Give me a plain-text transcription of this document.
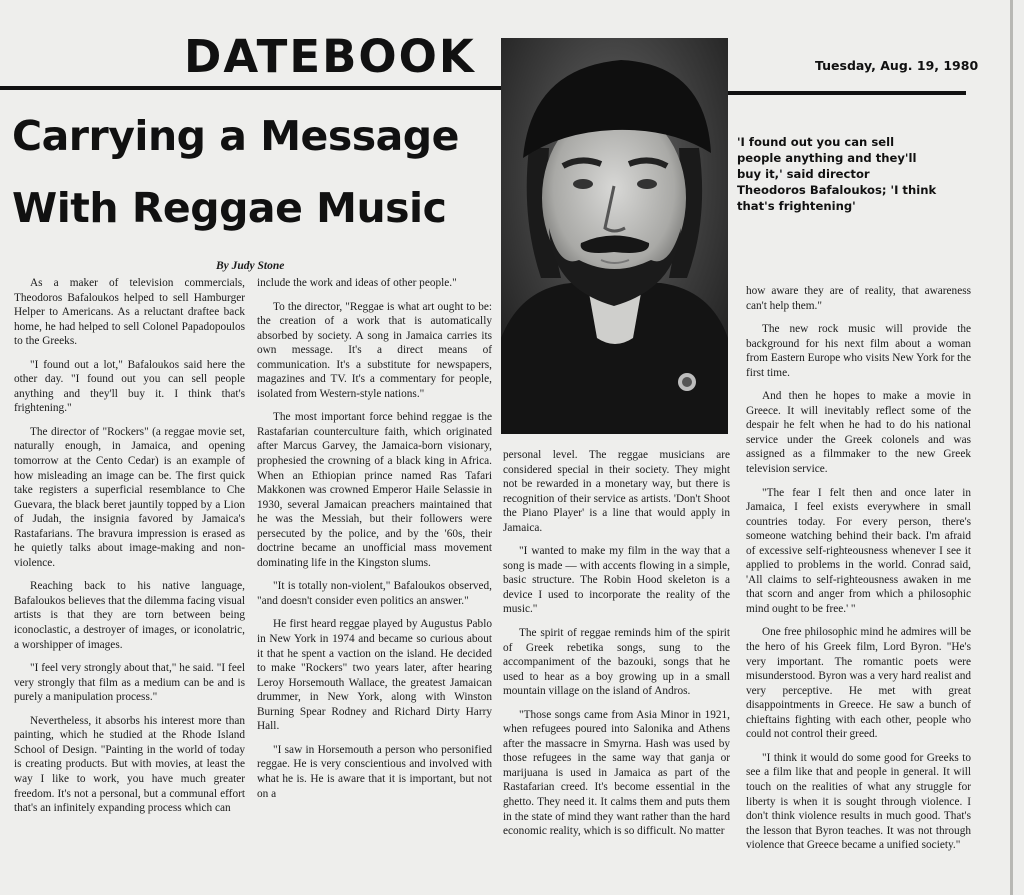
DATEBOOK	Tuesday, Aug. 19, 1980
Carrying a Message
With Reggae Music
'I found out you can sell people anything and they'll buy it,' said director Theodoros Bafaloukos; 'I think that's frightening'
By Judy Stone

As a maker of television commercials, Theodoros Bafaloukos helped to sell Hamburger Helper to Americans. As a reluctant draftee back home, he had helped to sell Colonel Papadopoulos to the Greeks.

"I found out a lot," Bafaloukos said here the other day. "I found out you can sell people anything and they'll buy it. I think that's frightening."

The director of "Rockers" (a reggae movie set, naturally enough, in Jamaica, and opening tomorrow at the Cento Cedar) is an example of how misleading an image can be. The first quick take registers a superficial resemblance to Che Guevara, the black beret jauntily topped by a Lion of Judah, the insignia favored by Jamaica's Rastafarians. The bravura impression is erased as he quietly talks about image-making and non-violence.

Reaching back to his native language, Bafaloukos believes that the dilemma facing visual artists is that they are torn between being iconoclastic, a destroyer of images, or iconolatric, a worshipper of images.

"I feel very strongly about that," he said. "I feel very strongly that film as a medium can be and is purely a manipulation process."

Nevertheless, it absorbs his interest more than painting, which he studied at the Rhode Island School of Design. "Painting in the world of today is creating products. But with movies, at least the way I like to work, you have much greater freedom. It's not a personal, but a communal effort that's an infinitely expanding process which can

include the work and ideas of other people."

To the director, "Reggae is what art ought to be: the creation of a work that is automatically absorbed by society. A song in Jamaica carries its own message. It's a direct means of communication. It's a substitute for newspapers, magazines and TV. It's a commentary for people, isolated from Western-style nations."

The most important force behind reggae is the Rastafarian counterculture faith, which originated after Marcus Garvey, the Jamaica-born visionary, prophesied the crowning of a black king in Africa. When an Ethiopian prince named Ras Tafari Makkonen was crowned Emperor Haile Selassie in 1930, several Jamaican preachers maintained that he was the Messiah, but their followers were persecuted by the police, and by the '60s, their doctrine became an unofficial mass movement dominating life in the Kingston slums.

"It is totally non-violent," Bafaloukos observed, "and doesn't consider even politics an answer."

He first heard reggae played by Augustus Pablo in New York in 1974 and became so curious about it that he spent a vaction on the island. He decided to make "Rockers" two years later, after hearing Leroy Horsemouth Wallace, the greatest Jamaican drummer, in New York, along with Winston Burning Spear Rodney and Richard Dirty Harry Hall.

"I saw in Horsemouth a person who personified reggae. He is very conscientious and involved with what he is. He is aware that it is important, but not on a

personal level. The reggae musicians are considered special in their society. They might not be rewarded in a monetary way, but there is recognition of their service as artists. 'Don't Shoot the Piano Player' is a line that would apply in Jamaica.

"I wanted to make my film in the way that a song is made — with accents flowing in a simple, basic structure. The Robin Hood skeleton is a device I used to incorporate the reality of the music."

The spirit of reggae reminds him of the spirit of Greek rebetika songs, sung to the accompaniment of the bazouki, songs that he used to hear as a boy growing up in a small mountain village on the island of Andros.

"Those songs came from Asia Minor in 1921, when refugees poured into Salonika and Athens after the massacre in Smyrna. Hash was used by those refugees in the same way that ganja or marijuana is used in Jamaica as part of the Rastafarian creed. It's become essential in the ghetto. They need it. It calms them and puts them in the state of mind they want rather than the hard economic reality, which is so difficult. No matter

how aware they are of reality, that awareness can't help them."

The new rock music will provide the background for his next film about a woman from Eastern Europe who visits New York for the first time.

And then he hopes to make a movie in Greece. It will inevitably reflect some of the despair he felt when he had to do his national service under the Greek colonels and was assigned as a filmmaker to the new Greek television service.

"The fear I felt then and once later in Jamaica, I feel exists everywhere in small countries today. For every person, there's someone watching behind their back. I'm afraid of excessive self-righteousness whenever I see it applied to problems in the world. Conrad said, 'All claims to self-righteousness awaken in me that scorn and anger from which a philosophic mind ought to be free.' "

One free philosophic mind he admires will be the hero of his Greek film, Lord Byron. "He's very important. The romantic poets were misunderstood. Byron was a very hard realist and very perceptive. He met with great disappointments in Greece. He saw a bunch of chieftains fighting with each other, people who could not control their greed.

"I think it would do some good for Greeks to see a film like that and people in general. It will touch on the realities of what any struggle for liberty is when it is sought through violence. I don't think violence results in much good. That's the lesson that Byron teaches. It was not through violence that Greece became a unified society."
